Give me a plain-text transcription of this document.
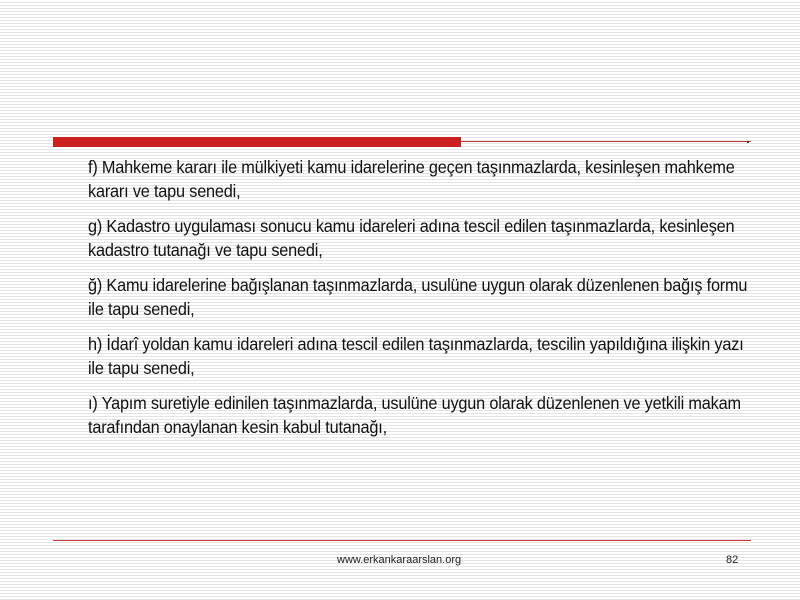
f) Mahkeme kararı ile mülkiyeti kamu idarelerine geçen taşınmazlarda, kesinleşen mahkeme kararı ve tapu senedi,

g) Kadastro uygulaması sonucu kamu idareleri adına tescil edilen taşınmazlarda, kesinleşen kadastro tutanağı ve tapu senedi,

ğ) Kamu idarelerine bağışlanan taşınmazlarda, usulüne uygun olarak düzenlenen bağış formu ile tapu senedi,

h) İdarî yoldan kamu idareleri adına tescil edilen taşınmazlarda, tescilin yapıldığına ilişkin yazı ile tapu senedi,

ı) Yapım suretiyle edinilen taşınmazlarda, usulüne uygun olarak düzenlenen ve yetkili makam tarafından onaylanan kesin kabul tutanağı,

www.erkankaraarslan.org	82
